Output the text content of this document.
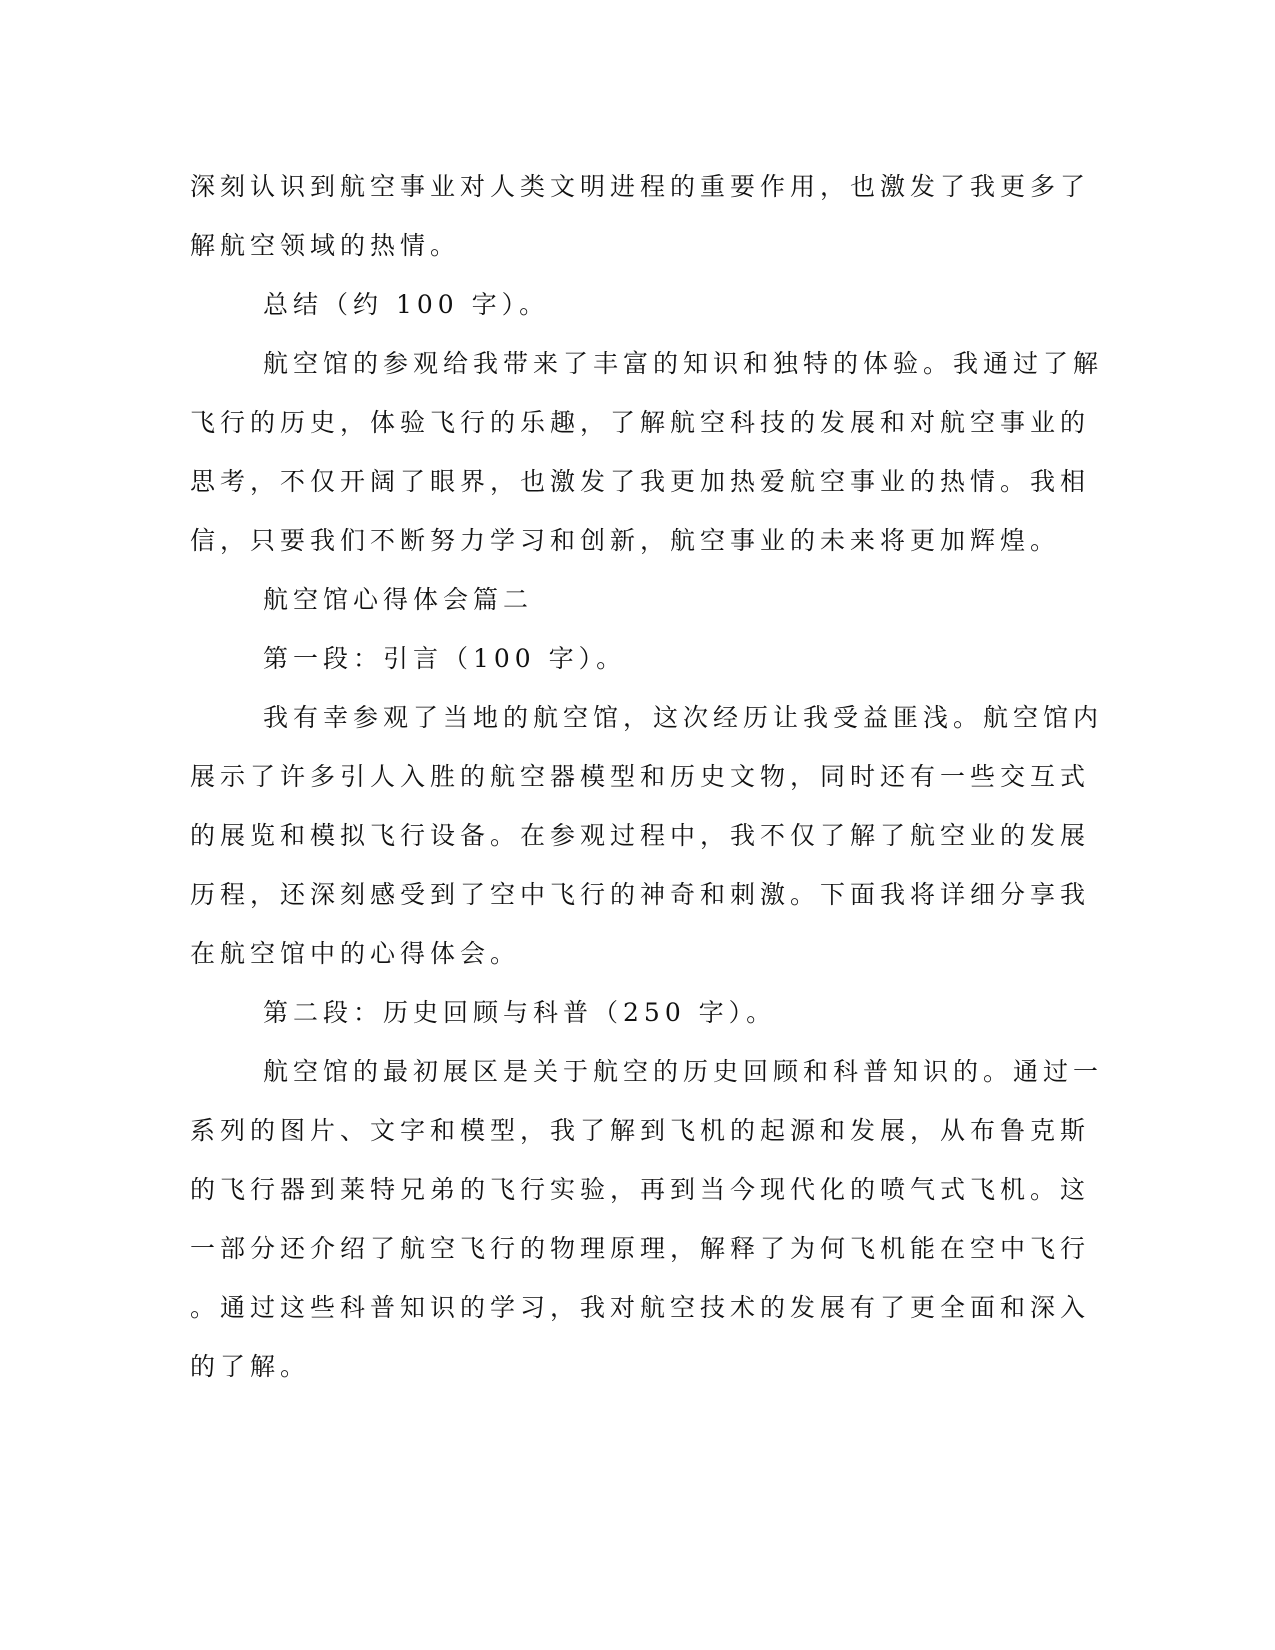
深刻认识到航空事业对人类文明进程的重要作用，也激发了我更多了
解航空领域的热情。
总结（约 100 字）。
航空馆的参观给我带来了丰富的知识和独特的体验。我通过了解
飞行的历史，体验飞行的乐趣，了解航空科技的发展和对航空事业的
思考，不仅开阔了眼界，也激发了我更加热爱航空事业的热情。我相
信，只要我们不断努力学习和创新，航空事业的未来将更加辉煌。
航空馆心得体会篇二
第一段：引言（100 字）。
我有幸参观了当地的航空馆，这次经历让我受益匪浅。航空馆内
展示了许多引人入胜的航空器模型和历史文物，同时还有一些交互式
的展览和模拟飞行设备。在参观过程中，我不仅了解了航空业的发展
历程，还深刻感受到了空中飞行的神奇和刺激。下面我将详细分享我
在航空馆中的心得体会。
第二段：历史回顾与科普（250 字）。
航空馆的最初展区是关于航空的历史回顾和科普知识的。通过一
系列的图片、文字和模型，我了解到飞机的起源和发展，从布鲁克斯
的飞行器到莱特兄弟的飞行实验，再到当今现代化的喷气式飞机。这
一部分还介绍了航空飞行的物理原理，解释了为何飞机能在空中飞行
。通过这些科普知识的学习，我对航空技术的发展有了更全面和深入
的了解。
